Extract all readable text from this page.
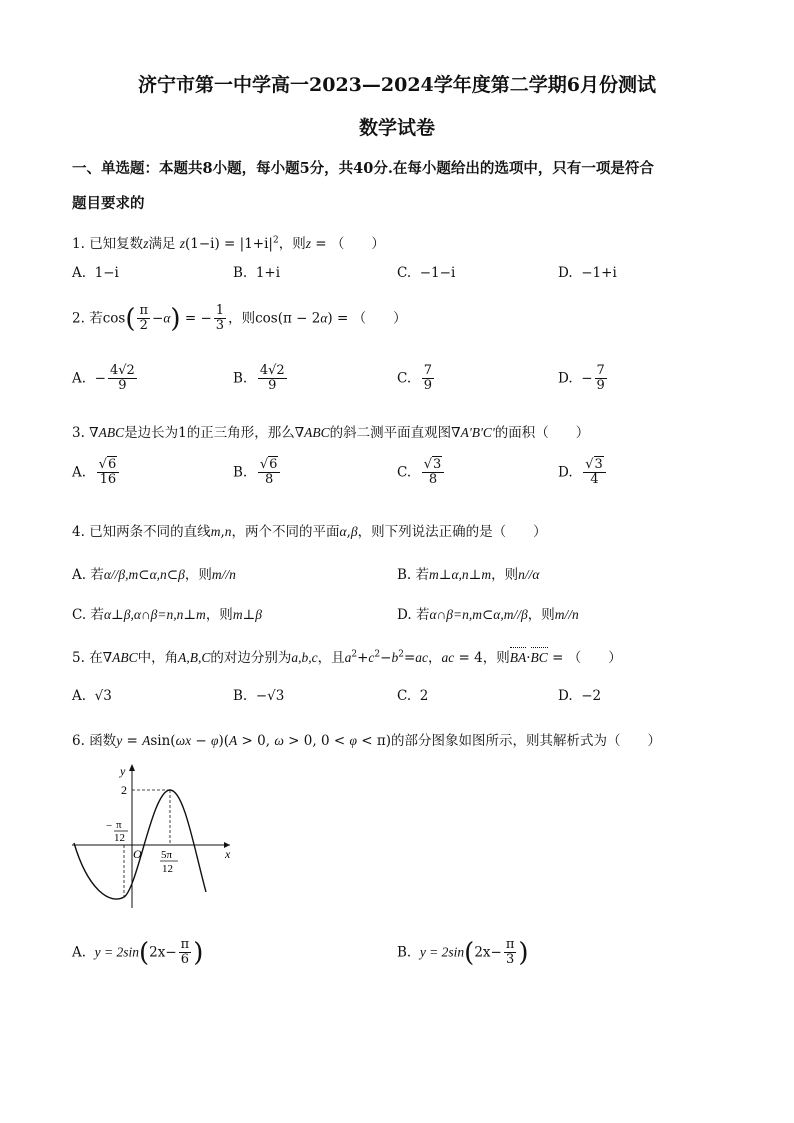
济宁市第一中学高一2023—2024学年度第二学期6月份测试
数学试卷
一、单选题：本题共8小题，每小题5分，共40分.在每小题给出的选项中，只有一项是符合
题目要求的
1. 已知复数z满足 $z(1-i) = |1+i|^2$，则z = （　　）
A. 1−i	B. 1+i	C. −1−i	D. −1+i
2. 若$\cos( \frac{\pi}{2} -\alpha)$ = − $\frac{1}{3}$ ，则cos(π − 2α) = （　　）
A. − $\frac{4√2}{9}$	B. $\frac{4√2}{9}$	C. $\frac{7}{9}$	D. − $\frac{7}{9}$
3. ∇ABC是边长为1的正三角形，那么∇ABC的斜二测平面直观图∇A'B'C'的面积（　　）
A. $\frac{√6}{16}$	B. $\frac{√6}{8}$	C. $\frac{√3}{8}$	D. $\frac{√3}{4}$
4. 已知两条不同的直线m,n，两个不同的平面α,β，则下列说法正确的是（　　）
A. 若α//β,m⊂α,n⊂β，则m//n	B. 若m⊥α,n⊥m，则n//α
C. 若α⊥β,α∩β=n,n⊥m，则m⊥β	D. 若α∩β=n,m⊂α,m//β，则m//n
5. 在∇ABC中，角A,B,C的对边分别为a,b,c，且$a^2+c^2-b^2=ac$，ac = 4，则BA·BC = （　　）
A. √3	B. −√3	C. 2	D. −2
6. 函数y = Asin(ωx − φ)(A > 0, ω > 0, 0 < φ < π)的部分图象如图所示，则其解析式为（　　）
y
x
O
2
− π
12
5π
12
A. $y = 2\sin(2x- \frac{\pi}{6}$ )	B. $y = 2\sin(2x- \frac{\pi}{3}$ )
